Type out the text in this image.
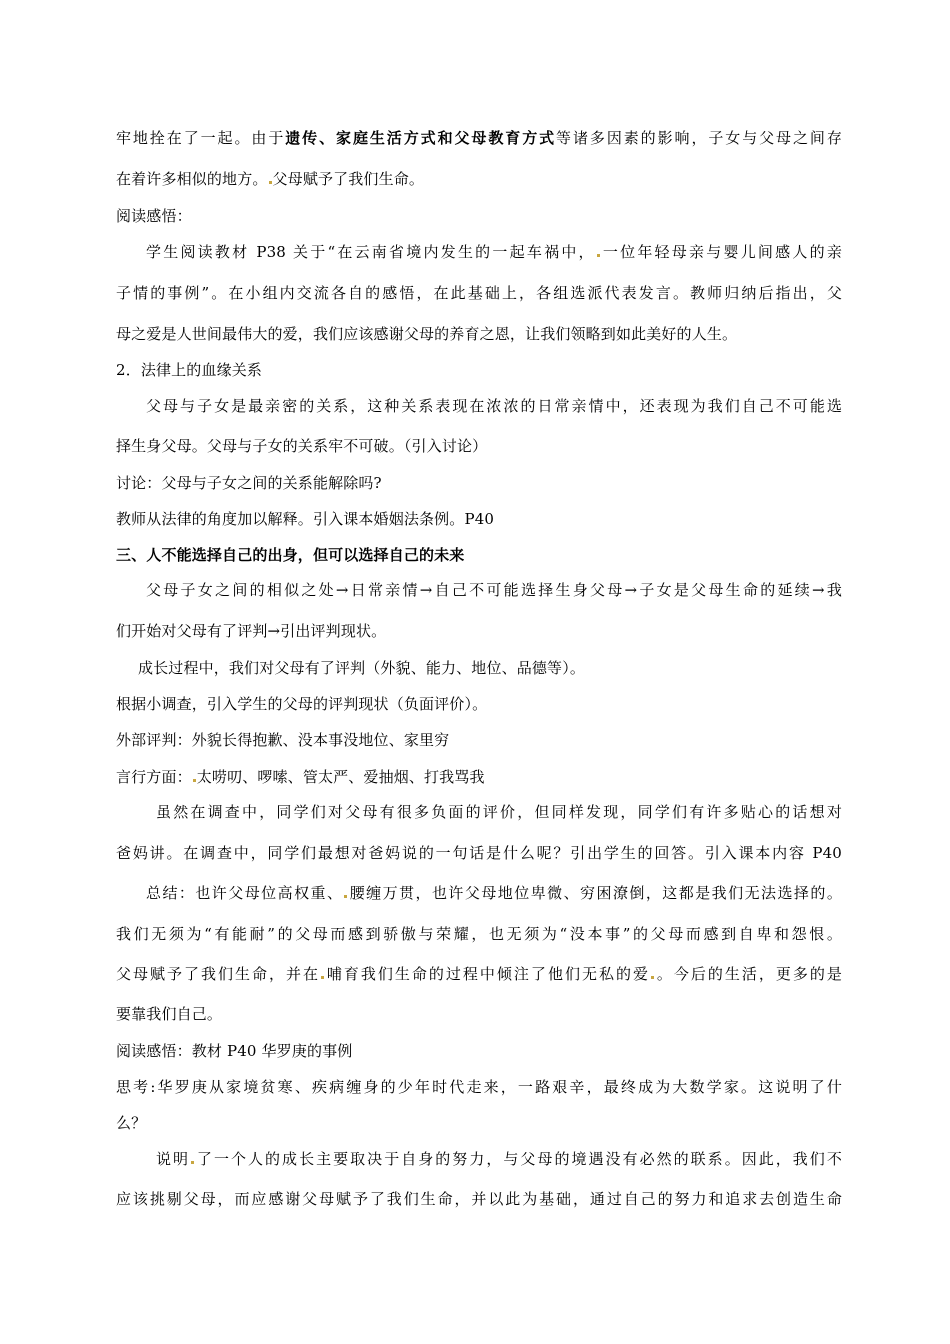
牢地拴在了一起。由于遗传、家庭生活方式和父母教育方式等诸多因素的影响，子女与父母之间存
在着许多相似的地方。 父母赋予了我们生命。
阅读感悟：
学生阅读教材 P38 关于“在云南省境内发生的一起车祸中， 一位年轻母亲与婴儿间感人的亲
子情的事例”。在小组内交流各自的感悟，在此基础上，各组选派代表发言。教师归纳后指出，父
母之爱是人世间最伟大的爱，我们应该感谢父母的养育之恩，让我们领略到如此美好的人生。
2．法律上的血缘关系
父母与子女是最亲密的关系，这种关系表现在浓浓的日常亲情中，还表现为我们自己不可能选
择生身父母。父母与子女的关系牢不可破。（引入讨论）
讨论：父母与子女之间的关系能解除吗?
教师从法律的角度加以解释。引入课本婚姻法条例。P40
三、人不能选择自己的出身，但可以选择自己的未来
父母子女之间的相似之处→日常亲情→自己不可能选择生身父母→子女是父母生命的延续→我
们开始对父母有了评判→引出评判现状。
成长过程中，我们对父母有了评判（外貌、能力、地位、品德等）。
根据小调查，引入学生的父母的评判现状（负面评价）。
外部评判：外貌长得抱歉、没本事没地位、家里穷
言行方面： 太唠叨、啰嗦、管太严、爱抽烟、打我骂我
虽然在调查中，同学们对父母有很多负面的评价，但同样发现，同学们有许多贴心的话想对
爸妈讲。在调查中，同学们最想对爸妈说的一句话是什么呢？引出学生的回答。引入课本内容 P40
总结：也许父母位高权重、 腰缠万贯，也许父母地位卑微、穷困潦倒，这都是我们无法选择的。
我们无须为“有能耐”的父母而感到骄傲与荣耀，也无须为“没本事”的父母而感到自卑和怨恨。
父母赋予了我们生命，并在 哺育我们生命的过程中倾注了他们无私的爱 。今后的生活，更多的是
要靠我们自己。
阅读感悟：教材 P40 华罗庚的事例
思考:华罗庚从家境贫寒、疾病缠身的少年时代走来，一路艰辛，最终成为大数学家。这说明了什
么？
说明 了一个人的成长主要取决于自身的努力，与父母的境遇没有必然的联系。因此，我们不
应该挑剔父母，而应感谢父母赋予了我们生命，并以此为基础，通过自己的努力和追求去创造生命
